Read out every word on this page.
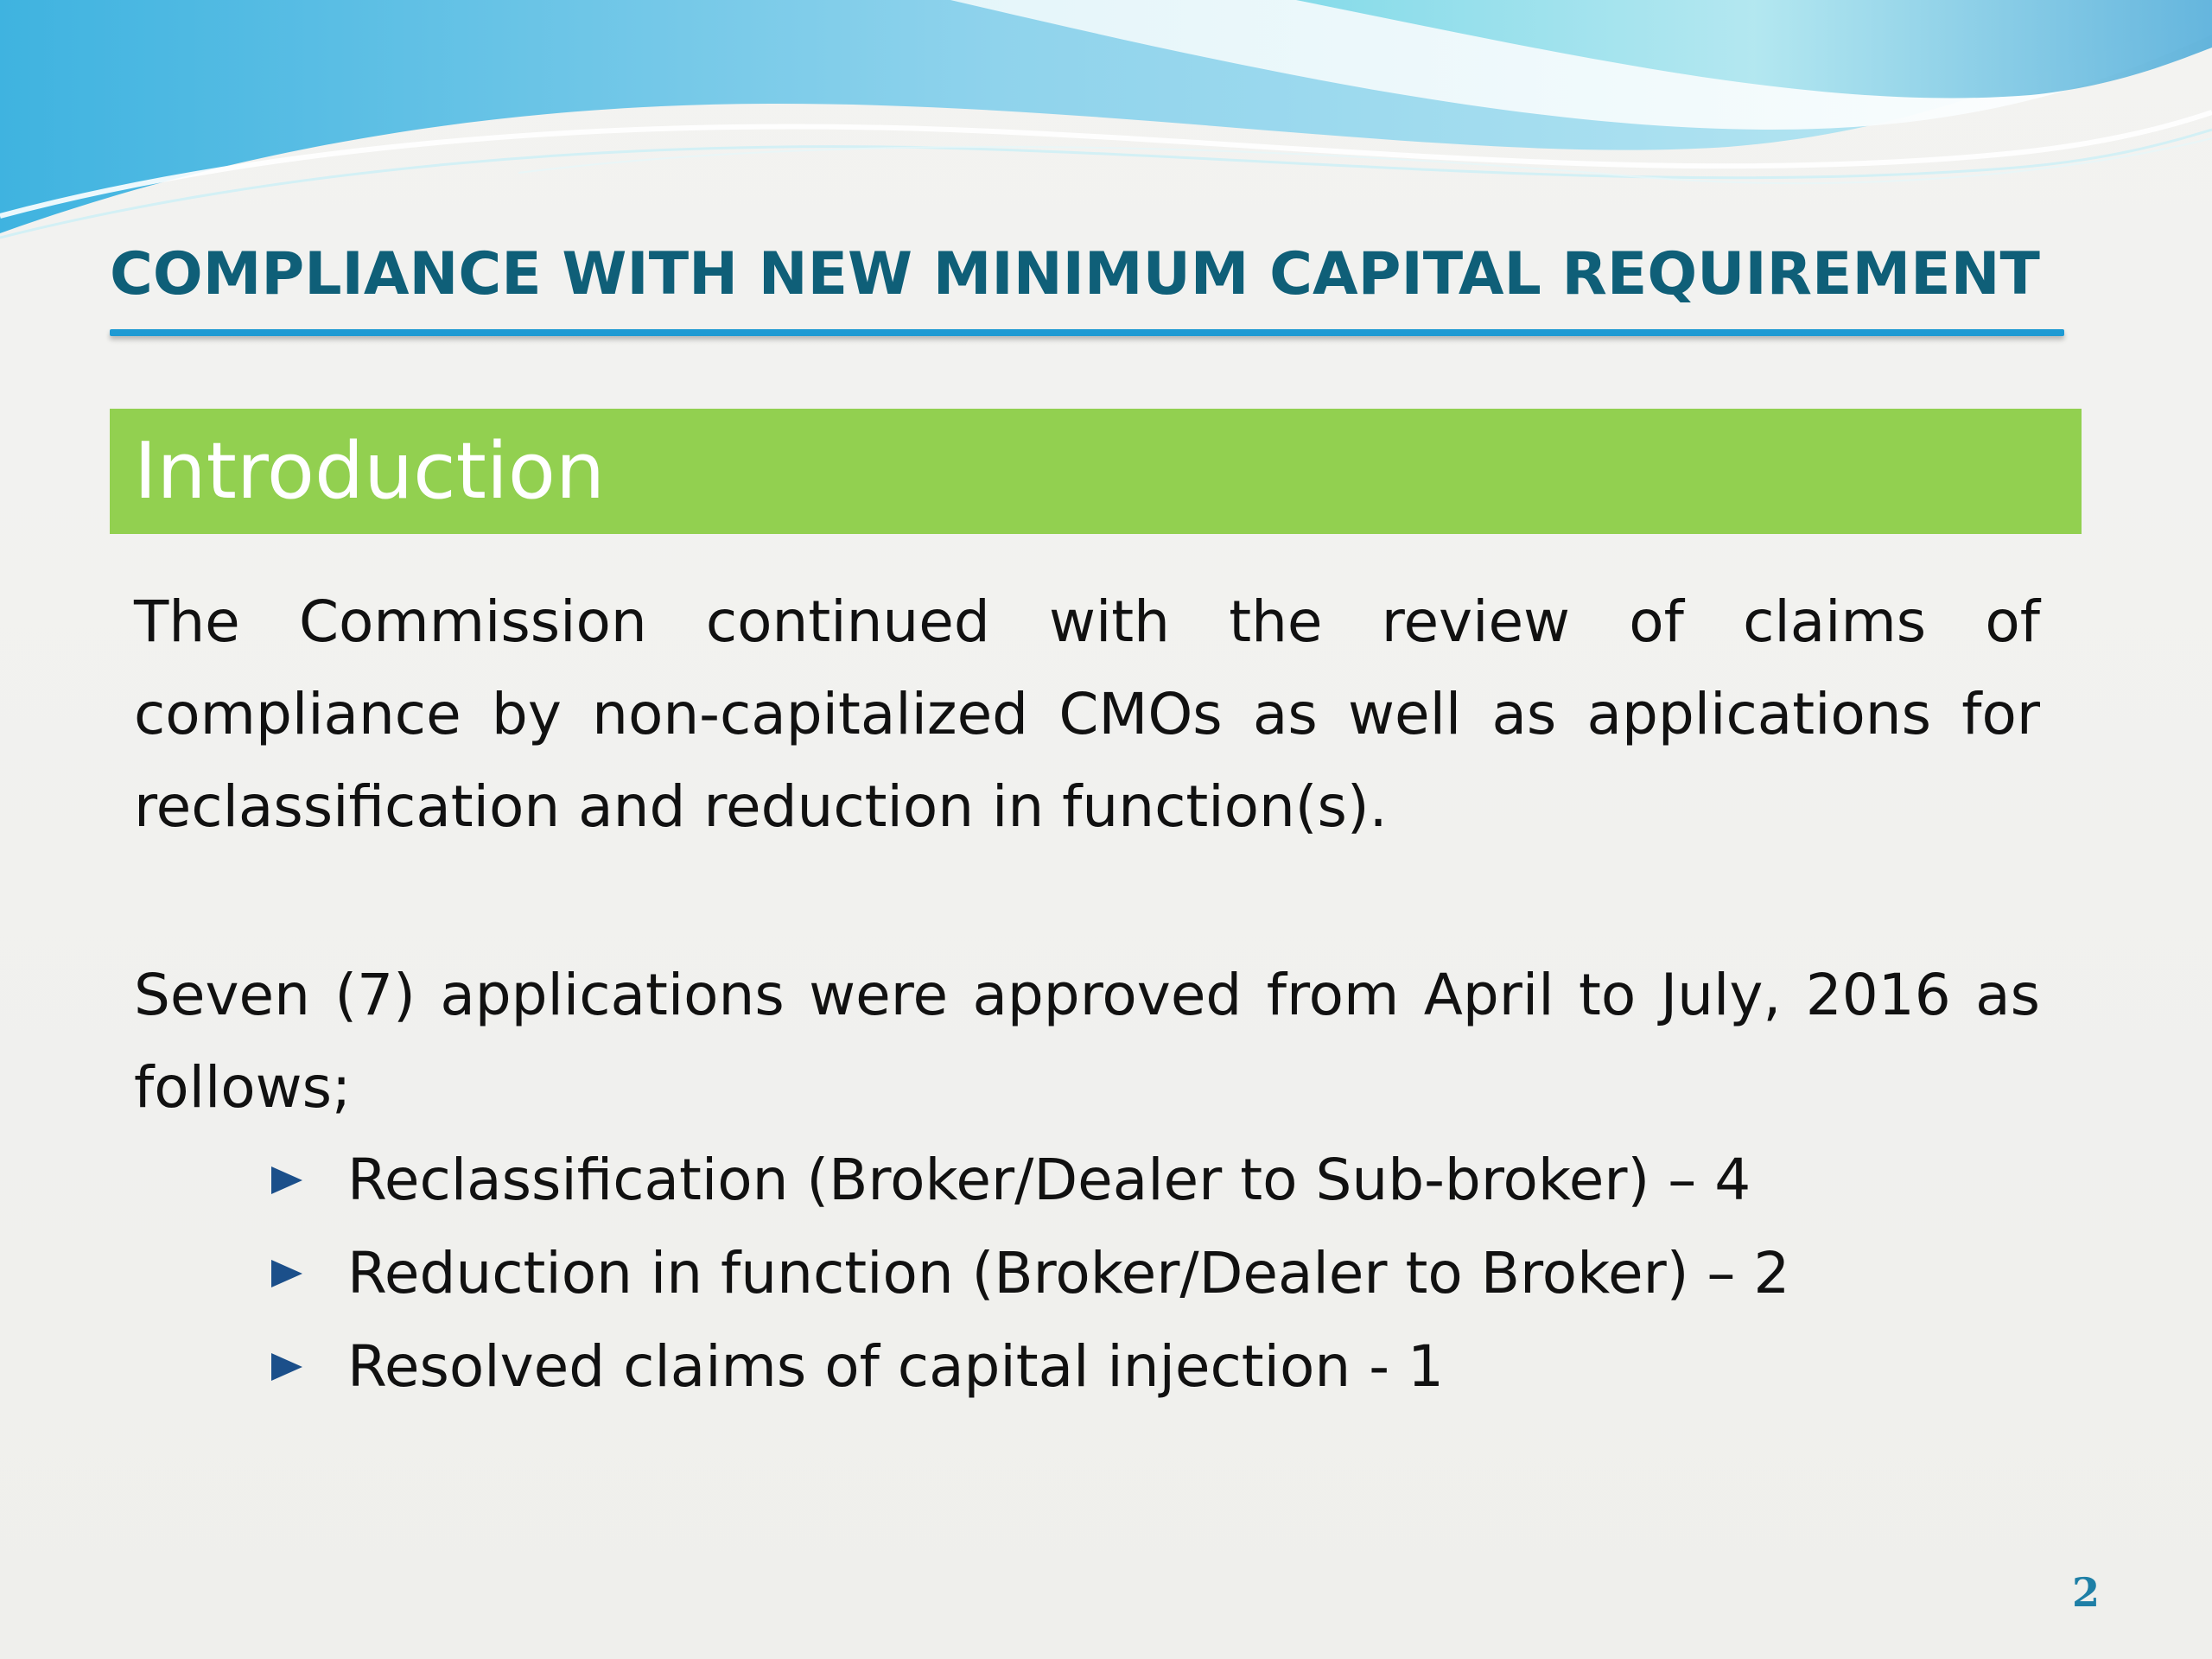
COMPLIANCE WITH NEW MINIMUM CAPITAL REQUIREMENT
Introduction

The Commission continued with the review of claims of compliance by non-capitalized CMOs as well as applications for reclassification and reduction in function(s).

Seven (7) applications were approved from April to July, 2016 as follows;

Reclassification (Broker/Dealer to Sub-broker) – 4
Reduction in function (Broker/Dealer to Broker) – 2
Resolved claims of capital injection - 1
2
